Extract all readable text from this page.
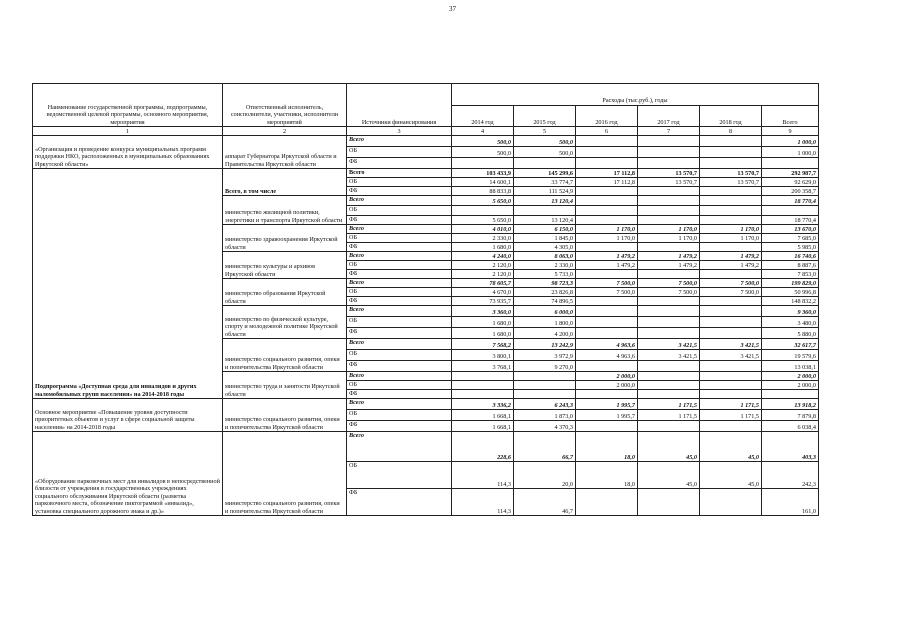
37
Наименование государственной программы, подпрограммы, ведомственной целевой программы, основного мероприятия, мероприятия	Ответственный исполнитель, соисполнители, участники, исполнители мероприятий	Источники финансирования	Расходы (тыс.руб.), годы					
			2014 год	2015 год	2016 год	2017 год	2018 год	Всего
1	2	3	4	5	6	7	8	9
«Организация и проведение конкурса муниципальных программ поддержки НКО, расположенных в муниципальных образованиях Иркутской области»	аппарат Губернатора Иркутской области и Правительства Иркутской области	Всего	500,0	500,0				1 000,0
		ОБ	500,0	500,0				1 000,0
		ФБ						
Подпрограмма «Доступная среда для инвалидов и других маломобильных групп населения» на 2014-2018 годы	Всего, в том числе	Всего	103 433,9	145 299,6	17 112,8	13 570,7	13 570,7	292 987,7
		ОБ	14 600,1	33 774,7	17 112,8	13 570,7	13 570,7	92 629,0
		ФБ	88 833,8	111 524,9				200 358,7
	министерство жилищной политики, энергетики и транспорта Иркутской области	Всего	5 650,0	13 120,4				18 770,4
		ОБ						
		ФБ	5 650,0	13 120,4				18 770,4
	министерство здравоохранения Иркутской области	Всего	4 010,0	6 150,0	1 170,0	1 170,0	1 170,0	13 670,0
		ОБ	2 330,0	1 845,0	1 170,0	1 170,0	1 170,0	7 685,0
		ФБ	1 680,0	4 305,0				5 985,0
	министерство культуры и архивов Иркутской области	Всего	4 240,0	8 063,0	1 479,2	1 479,2	1 479,2	16 740,6
		ОБ	2 120,0	2 330,0	1 479,2	1 479,2	1 479,2	8 887,6
		ФБ	2 120,0	5 733,0				7 853,0
	министерство образования Иркутской области	Всего	78 605,7	98 723,3	7 500,0	7 500,0	7 500,0	199 829,0
		ОБ	4 670,0	23 826,8	7 500,0	7 500,0	7 500,0	50 996,8
		ФБ	73 935,7	74 896,5				148 832,2
	министерство по физической культуре, спорту и молодежной политике Иркутской области	Всего	3 360,0	6 000,0				9 360,0
		ОБ	1 680,0	1 800,0				3 480,0
		ФБ	1 680,0	4 200,0				5 880,0
	министерство социального развития, опеки и попечительства Иркутской области	Всего	7 568,2	13 242,9	4 963,6	3 421,5	3 421,5	32 617,7
		ОБ	3 800,1	3 972,9	4 963,6	3 421,5	3 421,5	19 579,6
		ФБ	3 768,1	9 270,0				13 038,1
	министерство труда и занятости Иркутской области	Всего			2 000,0			2 000,0
		ОБ			2 000,0			2 000,0
		ФБ						
Основное мероприятие «Повышение уровня доступности приоритетных объектов и услуг в сфере социальной защиты населения» на 2014-2018 годы	министерство социального развития, опеки и попечительства Иркутской области	Всего	3 336,2	6 243,3	1 995,7	1 171,5	1 171,5	13 918,2
		ОБ	1 668,1	1 873,0	1 995,7	1 171,5	1 171,5	7 879,8
		ФБ	1 668,1	4 370,3				6 038,4
«Оборудование парковочных мест для инвалидов в непосредственной близости от учреждения в государственных учреждениях социального обслуживания Иркутской области (разметка парковочного места, обозначение пиктограммой «инвалид», установка специального дорожного знака и др.)»	министерство социального развития, опеки и попечительства Иркутской области	Всего	228,6	66,7	18,0	45,0	45,0	403,3
		ОБ	114,3	20,0	18,0	45,0	45,0	242,3
		ФБ	114,3	46,7				161,0
